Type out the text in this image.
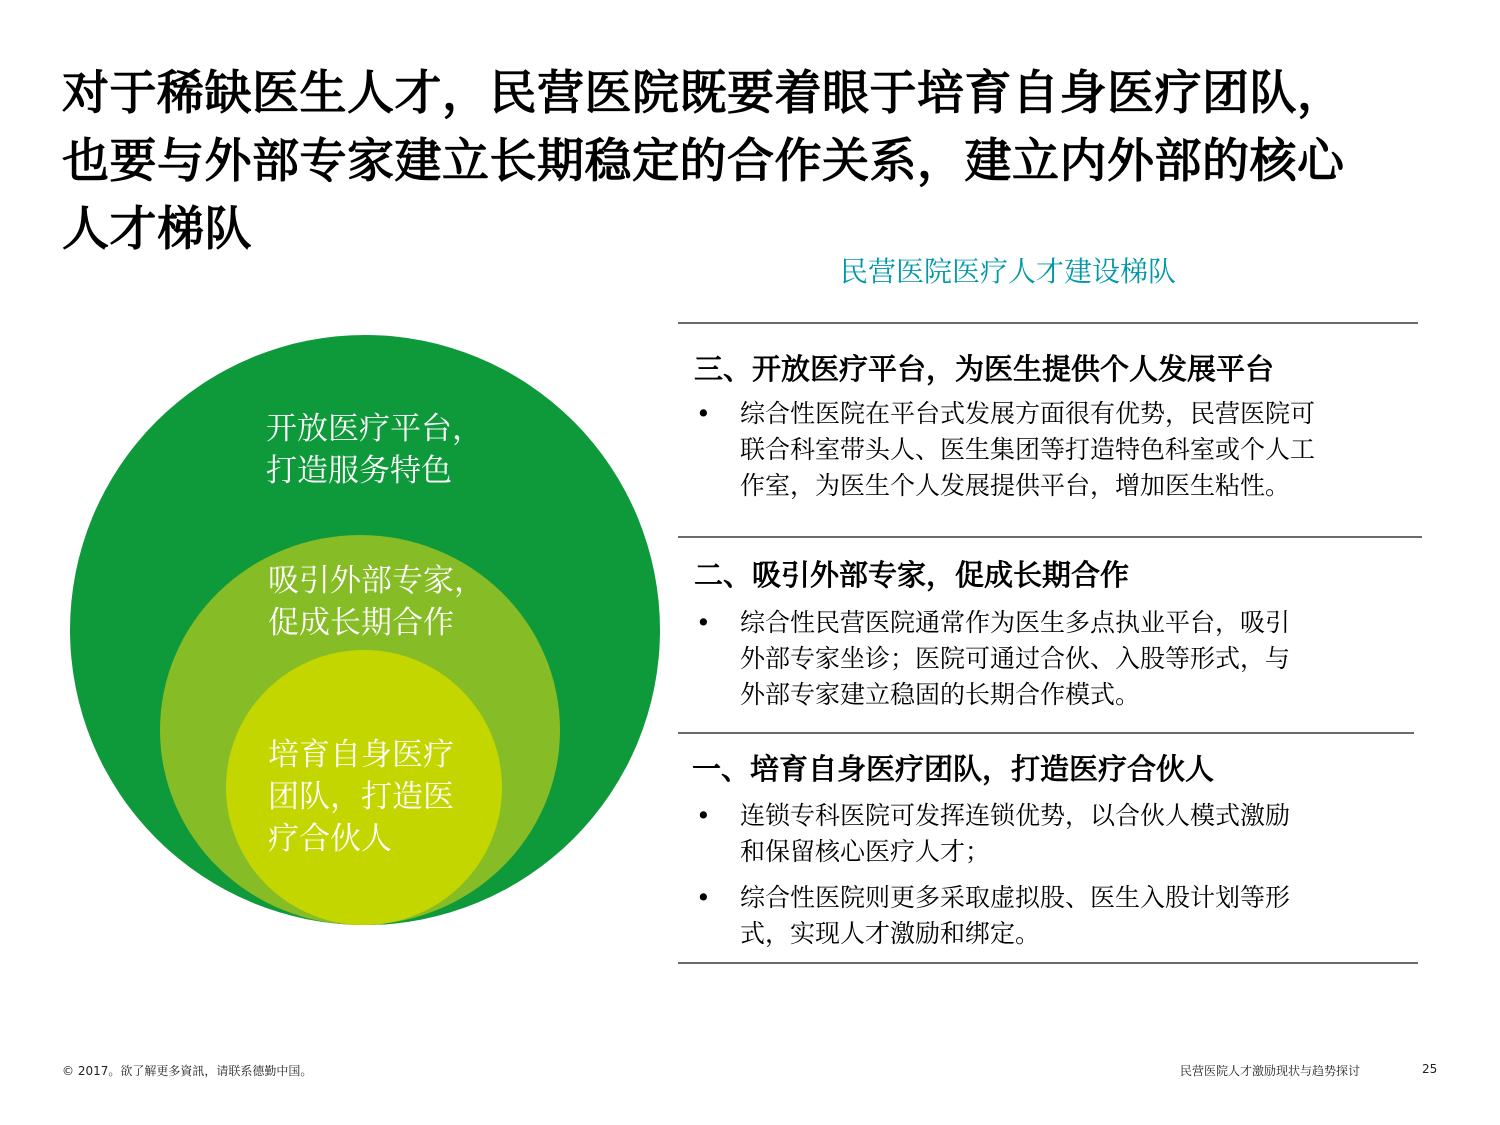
对于稀缺医生人才，民营医院既要着眼于培育自身医疗团队，
也要与外部专家建立长期稳定的合作关系，建立内外部的核心
人才梯队
民营医院医疗人才建设梯队
开放医疗平台，
打造服务特色
吸引外部专家，
促成长期合作
培育自身医疗
团队，打造医
疗合伙人
三、开放医疗平台，为医生提供个人发展平台
• 综合性医院在平台式发展方面很有优势，民营医院可
联合科室带头人、医生集团等打造特色科室或个人工
作室，为医生个人发展提供平台，增加医生粘性。
二、吸引外部专家，促成长期合作
• 综合性民营医院通常作为医生多点执业平台，吸引
外部专家坐诊；医院可通过合伙、入股等形式，与
外部专家建立稳固的长期合作模式。
一、培育自身医疗团队，打造医疗合伙人
• 连锁专科医院可发挥连锁优势，以合伙人模式激励
和保留核心医疗人才；
• 综合性医院则更多采取虚拟股、医生入股计划等形
式，实现人才激励和绑定。
© 2017。欲了解更多資訊，请联系德勤中国。	民营医院人才激励现状与趋势探讨	25
